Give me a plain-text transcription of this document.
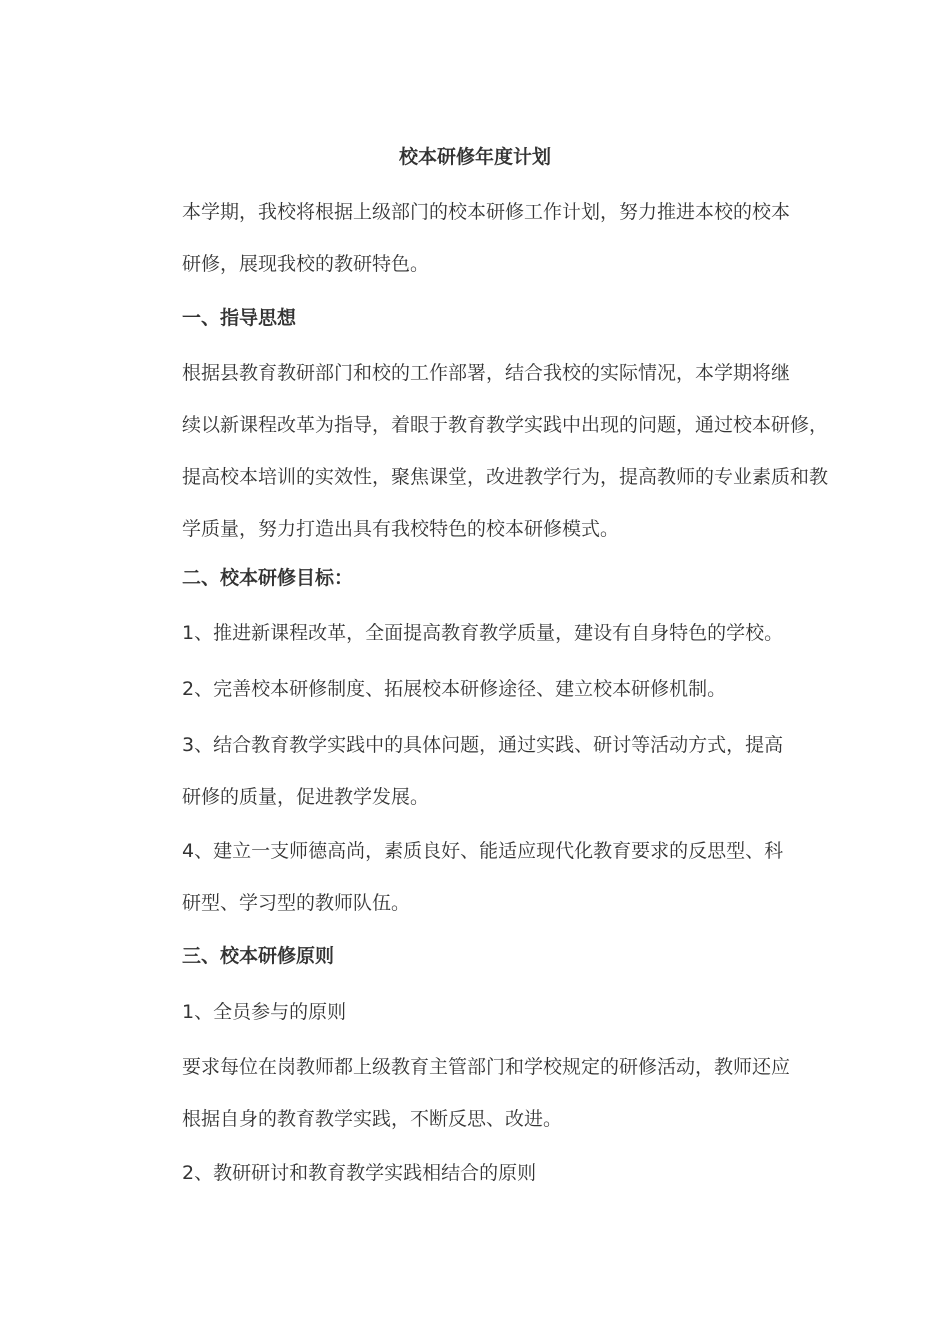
校本研修年度计划
本学期，我校将根据上级部门的校本研修工作计划，努力推进本校的校本
研修，展现我校的教研特色。
一、指导思想
根据县教育教研部门和校的工作部署，结合我校的实际情况，本学期将继
续以新课程改革为指导，着眼于教育教学实践中出现的问题，通过校本研修，
提高校本培训的实效性，聚焦课堂，改进教学行为，提高教师的专业素质和教
学质量，努力打造出具有我校特色的校本研修模式。
二、校本研修目标：
1、推进新课程改革，全面提高教育教学质量，建设有自身特色的学校。
2、完善校本研修制度、拓展校本研修途径、建立校本研修机制。
3、结合教育教学实践中的具体问题，通过实践、研讨等活动方式，提高
研修的质量，促进教学发展。
4、建立一支师德高尚，素质良好、能适应现代化教育要求的反思型、科
研型、学习型的教师队伍。
三、校本研修原则
1、全员参与的原则
要求每位在岗教师都上级教育主管部门和学校规定的研修活动，教师还应
根据自身的教育教学实践，不断反思、改进。
2、教研研讨和教育教学实践相结合的原则
